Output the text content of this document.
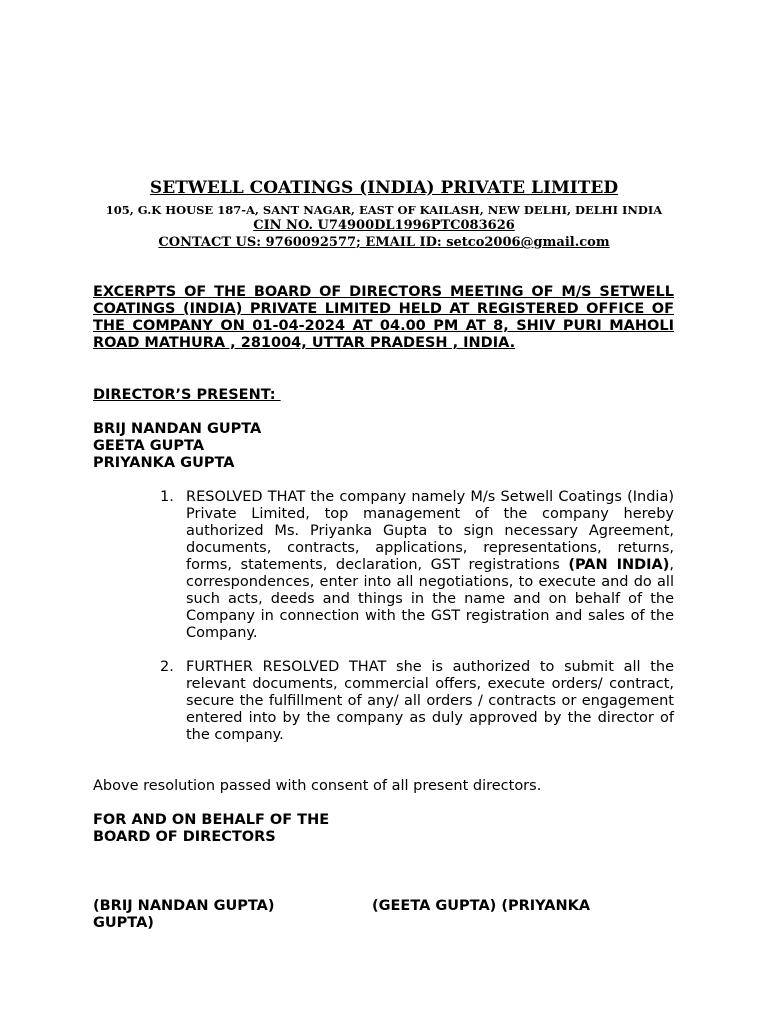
SETWELL COATINGS (INDIA) PRIVATE LIMITED
105, G.K HOUSE 187-A, SANT NAGAR, EAST OF KAILASH, NEW DELHI, DELHI INDIA
CIN NO. U74900DL1996PTC083626
CONTACT US: 9760092577; EMAIL ID: setco2006@gmail.com
EXCERPTS OF THE BOARD OF DIRECTORS MEETING OF M/S SETWELL COATINGS (INDIA) PRIVATE LIMITED HELD AT REGISTERED OFFICE OF THE COMPANY ON 01-04-2024 AT 04.00 PM AT 8, SHIV PURI MAHOLI ROAD MATHURA , 281004, UTTAR PRADESH , INDIA.
DIRECTOR’S PRESENT:
BRIJ NANDAN GUPTA
GEETA GUPTA
PRIYANKA GUPTA
1. RESOLVED THAT the company namely M/s Setwell Coatings (India) Private Limited, top management of the company hereby authorized Ms. Priyanka Gupta to sign necessary Agreement, documents, contracts, applications, representations, returns, forms, statements, declaration, GST registrations (PAN INDIA), correspondences, enter into all negotiations, to execute and do all such acts, deeds and things in the name and on behalf of the Company in connection with the GST registration and sales of the Company.
2. FURTHER RESOLVED THAT she is authorized to submit all the relevant documents, commercial offers, execute orders/ contract, secure the fulfillment of any/ all orders / contracts or engagement entered into by the company as duly approved by the director of the company.
Above resolution passed with consent of all present directors.
FOR AND ON BEHALF OF THE
BOARD OF DIRECTORS
(BRIJ NANDAN GUPTA)	(GEETA GUPTA) (PRIYANKA
GUPTA)
